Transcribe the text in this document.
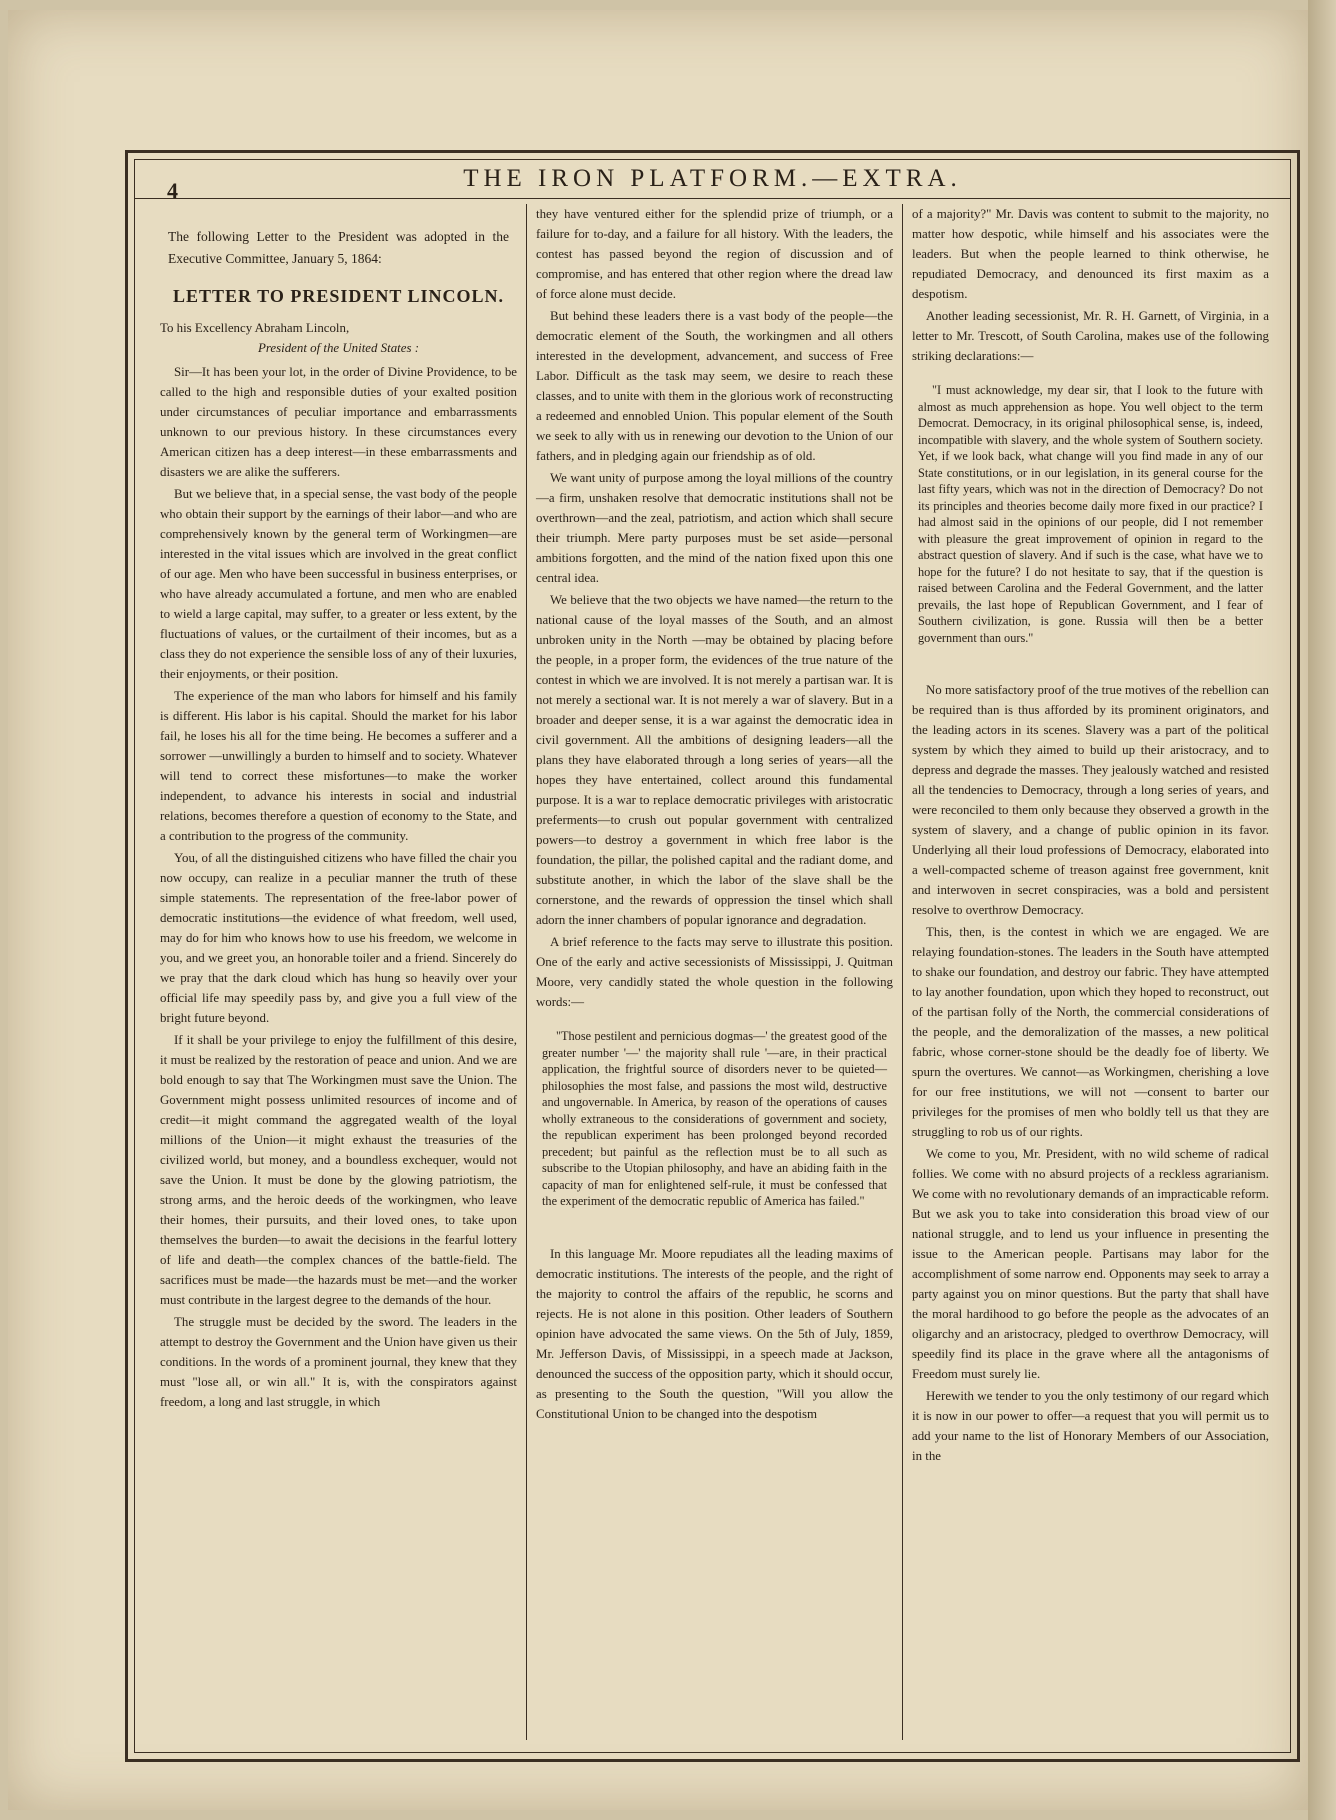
4	THE IRON PLATFORM.—EXTRA.

The following Letter to the President was adopted in the Executive Committee, January 5, 1864:

LETTER TO PRESIDENT LINCOLN.

To his Excellency Abraham Lincoln,

President of the United States :

Sir—It has been your lot, in the order of Divine Providence, to be called to the high and responsible duties of your exalted position under circumstances of peculiar importance and embarrassments unknown to our previous history. In these circumstances every American citizen has a deep interest—in these embarrassments and disasters we are alike the sufferers.

But we believe that, in a special sense, the vast body of the people who obtain their support by the earnings of their labor—and who are comprehensively known by the general term of Workingmen—are interested in the vital issues which are involved in the great conflict of our age. Men who have been successful in business enterprises, or who have already accumulated a fortune, and men who are enabled to wield a large capital, may suffer, to a greater or less extent, by the fluctuations of values, or the curtailment of their incomes, but as a class they do not experience the sensible loss of any of their luxuries, their enjoyments, or their position.

The experience of the man who labors for himself and his family is different. His labor is his capital. Should the market for his labor fail, he loses his all for the time being. He becomes a sufferer and a sorrower —unwillingly a burden to himself and to society. Whatever will tend to correct these misfortunes—to make the worker independent, to advance his interests in social and industrial relations, becomes therefore a question of economy to the State, and a contribution to the progress of the community.

You, of all the distinguished citizens who have filled the chair you now occupy, can realize in a peculiar manner the truth of these simple statements. The representation of the free-labor power of democratic institutions—the evidence of what freedom, well used, may do for him who knows how to use his freedom, we welcome in you, and we greet you, an honorable toiler and a friend. Sincerely do we pray that the dark cloud which has hung so heavily over your official life may speedily pass by, and give you a full view of the bright future beyond.

If it shall be your privilege to enjoy the fulfillment of this desire, it must be realized by the restoration of peace and union. And we are bold enough to say that The Workingmen must save the Union. The Government might possess unlimited resources of income and of credit—it might command the aggregated wealth of the loyal millions of the Union—it might exhaust the treasuries of the civilized world, but money, and a boundless exchequer, would not save the Union. It must be done by the glowing patriotism, the strong arms, and the heroic deeds of the workingmen, who leave their homes, their pursuits, and their loved ones, to take upon themselves the burden—to await the decisions in the fearful lottery of life and death—the complex chances of the battle-field. The sacrifices must be made—the hazards must be met—and the worker must contribute in the largest degree to the demands of the hour.

The struggle must be decided by the sword. The leaders in the attempt to destroy the Government and the Union have given us their conditions. In the words of a prominent journal, they knew that they must "lose all, or win all." It is, with the conspirators against freedom, a long and last struggle, in which

they have ventured either for the splendid prize of triumph, or a failure for to-day, and a failure for all history. With the leaders, the contest has passed beyond the region of discussion and of compromise, and has entered that other region where the dread law of force alone must decide.

But behind these leaders there is a vast body of the people—the democratic element of the South, the workingmen and all others interested in the development, advancement, and success of Free Labor. Difficult as the task may seem, we desire to reach these classes, and to unite with them in the glorious work of reconstructing a redeemed and ennobled Union. This popular element of the South we seek to ally with us in renewing our devotion to the Union of our fathers, and in pledging again our friendship as of old.

We want unity of purpose among the loyal millions of the country—a firm, unshaken resolve that democratic institutions shall not be overthrown—and the zeal, patriotism, and action which shall secure their triumph. Mere party purposes must be set aside—personal ambitions forgotten, and the mind of the nation fixed upon this one central idea.

We believe that the two objects we have named—the return to the national cause of the loyal masses of the South, and an almost unbroken unity in the North —may be obtained by placing before the people, in a proper form, the evidences of the true nature of the contest in which we are involved. It is not merely a partisan war. It is not merely a sectional war. It is not merely a war of slavery. But in a broader and deeper sense, it is a war against the democratic idea in civil government. All the ambitions of designing leaders—all the plans they have elaborated through a long series of years—all the hopes they have entertained, collect around this fundamental purpose. It is a war to replace democratic privileges with aristocratic preferments—to crush out popular government with centralized powers—to destroy a government in which free labor is the foundation, the pillar, the polished capital and the radiant dome, and substitute another, in which the labor of the slave shall be the cornerstone, and the rewards of oppression the tinsel which shall adorn the inner chambers of popular ignorance and degradation.

A brief reference to the facts may serve to illustrate this position. One of the early and active secessionists of Mississippi, J. Quitman Moore, very candidly stated the whole question in the following words:—

"Those pestilent and pernicious dogmas—' the greatest good of the greater number '—' the majority shall rule '—are, in their practical application, the frightful source of disorders never to be quieted—philosophies the most false, and passions the most wild, destructive and ungovernable. In America, by reason of the operations of causes wholly extraneous to the considerations of government and society, the republican experiment has been prolonged beyond recorded precedent; but painful as the reflection must be to all such as subscribe to the Utopian philosophy, and have an abiding faith in the capacity of man for enlightened self-rule, it must be confessed that the experiment of the democratic republic of America has failed."

In this language Mr. Moore repudiates all the leading maxims of democratic institutions. The interests of the people, and the right of the majority to control the affairs of the republic, he scorns and rejects. He is not alone in this position. Other leaders of Southern opinion have advocated the same views. On the 5th of July, 1859, Mr. Jefferson Davis, of Mississippi, in a speech made at Jackson, denounced the success of the opposition party, which it should occur, as presenting to the South the question, "Will you allow the Constitutional Union to be changed into the despotism

of a majority?" Mr. Davis was content to submit to the majority, no matter how despotic, while himself and his associates were the leaders. But when the people learned to think otherwise, he repudiated Democracy, and denounced its first maxim as a despotism.

Another leading secessionist, Mr. R. H. Garnett, of Virginia, in a letter to Mr. Trescott, of South Carolina, makes use of the following striking declarations:—

"I must acknowledge, my dear sir, that I look to the future with almost as much apprehension as hope. You well object to the term Democrat. Democracy, in its original philosophical sense, is, indeed, incompatible with slavery, and the whole system of Southern society. Yet, if we look back, what change will you find made in any of our State constitutions, or in our legislation, in its general course for the last fifty years, which was not in the direction of Democracy? Do not its principles and theories become daily more fixed in our practice? I had almost said in the opinions of our people, did I not remember with pleasure the great improvement of opinion in regard to the abstract question of slavery. And if such is the case, what have we to hope for the future? I do not hesitate to say, that if the question is raised between Carolina and the Federal Government, and the latter prevails, the last hope of Republican Government, and I fear of Southern civilization, is gone. Russia will then be a better government than ours."

No more satisfactory proof of the true motives of the rebellion can be required than is thus afforded by its prominent originators, and the leading actors in its scenes. Slavery was a part of the political system by which they aimed to build up their aristocracy, and to depress and degrade the masses. They jealously watched and resisted all the tendencies to Democracy, through a long series of years, and were reconciled to them only because they observed a growth in the system of slavery, and a change of public opinion in its favor. Underlying all their loud professions of Democracy, elaborated into a well-compacted scheme of treason against free government, knit and interwoven in secret conspiracies, was a bold and persistent resolve to overthrow Democracy.

This, then, is the contest in which we are engaged. We are relaying foundation-stones. The leaders in the South have attempted to shake our foundation, and destroy our fabric. They have attempted to lay another foundation, upon which they hoped to reconstruct, out of the partisan folly of the North, the commercial considerations of the people, and the demoralization of the masses, a new political fabric, whose corner-stone should be the deadly foe of liberty. We spurn the overtures. We cannot—as Workingmen, cherishing a love for our free institutions, we will not —consent to barter our privileges for the promises of men who boldly tell us that they are struggling to rob us of our rights.

We come to you, Mr. President, with no wild scheme of radical follies. We come with no absurd projects of a reckless agrarianism. We come with no revolutionary demands of an impracticable reform. But we ask you to take into consideration this broad view of our national struggle, and to lend us your influence in presenting the issue to the American people. Partisans may labor for the accomplishment of some narrow end. Opponents may seek to array a party against you on minor questions. But the party that shall have the moral hardihood to go before the people as the advocates of an oligarchy and an aristocracy, pledged to overthrow Democracy, will speedily find its place in the grave where all the antagonisms of Freedom must surely lie.

Herewith we tender to you the only testimony of our regard which it is now in our power to offer—a request that you will permit us to add your name to the list of Honorary Members of our Association, in the
